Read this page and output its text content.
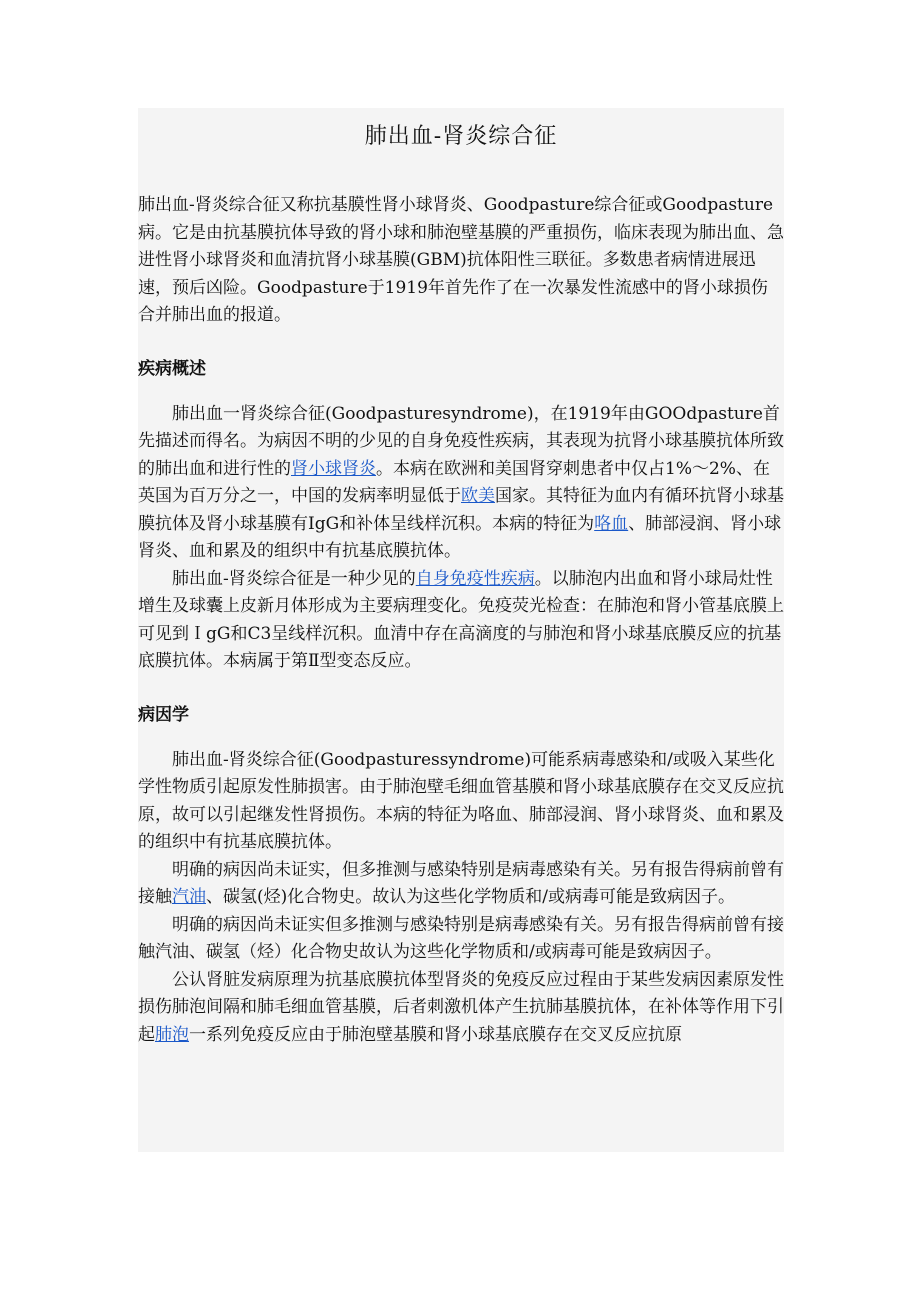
肺出血-肾炎综合征

肺出血-肾炎综合征又称抗基膜性肾小球肾炎、Goodpasture综合征或Goodpasture病。它是由抗基膜抗体导致的肾小球和肺泡壁基膜的严重损伤，临床表现为肺出血、急进性肾小球肾炎和血清抗肾小球基膜(GBM)抗体阳性三联征。多数患者病情进展迅速，预后凶险。Goodpasture于1919年首先作了在一次暴发性流感中的肾小球损伤合并肺出血的报道。

疾病概述

肺出血一肾炎综合征(Goodpasturesyndrome)，在1919年由GOOdpasture首先描述而得名。为病因不明的少见的自身免疫性疾病，其表现为抗肾小球基膜抗体所致的肺出血和进行性的肾小球肾炎。本病在欧洲和美国肾穿刺患者中仅占1%～2%、在英国为百万分之一，中国的发病率明显低于欧美国家。其特征为血内有循环抗肾小球基膜抗体及肾小球基膜有IgG和补体呈线样沉积。本病的特征为咯血、肺部浸润、肾小球肾炎、血和累及的组织中有抗基底膜抗体。

肺出血-肾炎综合征是一种少见的自身免疫性疾病。以肺泡内出血和肾小球局灶性增生及球囊上皮新月体形成为主要病理变化。免疫荧光检查：在肺泡和肾小管基底膜上可见到ＩgG和C3呈线样沉积。血清中存在高滴度的与肺泡和肾小球基底膜反应的抗基底膜抗体。本病属于第Ⅱ型变态反应。

病因学

肺出血-肾炎综合征(Goodpasturessyndrome)可能系病毒感染和/或吸入某些化学性物质引起原发性肺损害。由于肺泡壁毛细血管基膜和肾小球基底膜存在交叉反应抗原，故可以引起继发性肾损伤。本病的特征为咯血、肺部浸润、肾小球肾炎、血和累及的组织中有抗基底膜抗体。

明确的病因尚未证实，但多推测与感染特别是病毒感染有关。另有报告得病前曾有接触汽油、碳氢(烃)化合物史。故认为这些化学物质和/或病毒可能是致病因子。

明确的病因尚未证实但多推测与感染特别是病毒感染有关。另有报告得病前曾有接触汽油、碳氢（烃）化合物史故认为这些化学物质和/或病毒可能是致病因子。

公认肾脏发病原理为抗基底膜抗体型肾炎的免疫反应过程由于某些发病因素原发性损伤肺泡间隔和肺毛细血管基膜，后者刺激机体产生抗肺基膜抗体，在补体等作用下引起肺泡一系列免疫反应由于肺泡壁基膜和肾小球基底膜存在交叉反应抗原
